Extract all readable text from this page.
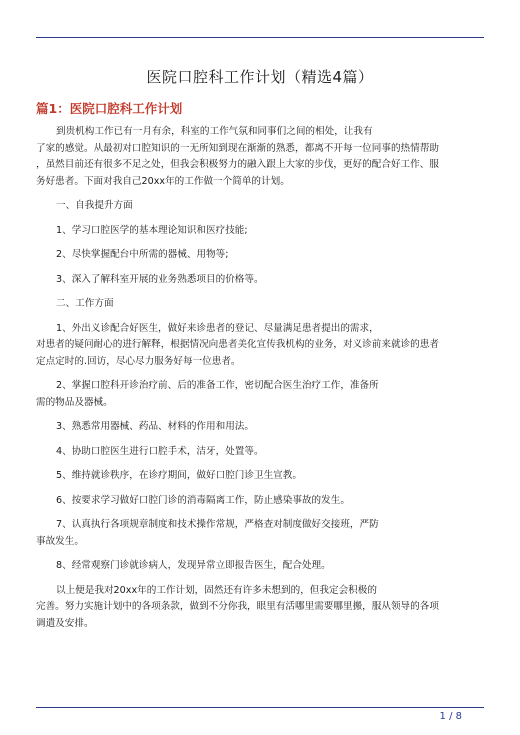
医院口腔科工作计划（精选4篇）
篇1：医院口腔科工作计划

到贵机构工作已有一月有余，科室的工作气氛和同事们之间的相处，让我有
了家的感觉。从最初对口腔知识的一无所知到现在渐渐的熟悉，都离不开每一位同事的热情帮助
，虽然目前还有很多不足之处，但我会积极努力的融入跟上大家的步伐，更好的配合好工作、服
务好患者。下面对我自己20xx年的工作做一个简单的计划。

一、自我提升方面

1、学习口腔医学的基本理论知识和医疗技能;

2、尽快掌握配台中所需的器械、用物等;

3、深入了解科室开展的业务熟悉项目的价格等。

二、工作方面

1、外出义诊配合好医生，做好来诊患者的登记、尽量满足患者提出的需求，
对患者的疑问耐心的进行解释，根据情况向患者美化宣传我机构的业务，对义诊前来就诊的患者
定点定时的.回访，尽心尽力服务好每一位患者。

2、掌握口腔科开诊治疗前、后的准备工作，密切配合医生治疗工作，准备所
需的物品及器械。

3、熟悉常用器械、药品、材料的作用和用法。

4、协助口腔医生进行口腔手术，洁牙，处置等。

5、维持就诊秩序，在诊疗期间，做好口腔门诊卫生宣教。

6、按要求学习做好口腔门诊的消毒隔离工作，防止感染事故的发生。

7、认真执行各项规章制度和技术操作常规，严格查对制度做好交接班，严防
事故发生。

8、经常观察门诊就诊病人，发现异常立即报告医生，配合处理。

以上便是我对20xx年的工作计划，固然还有许多未想到的，但我定会积极的
完善。努力实施计划中的各项条款，做到不分你我，眼里有活哪里需要哪里搬，服从领导的各项
调遣及安排。

1 / 8
